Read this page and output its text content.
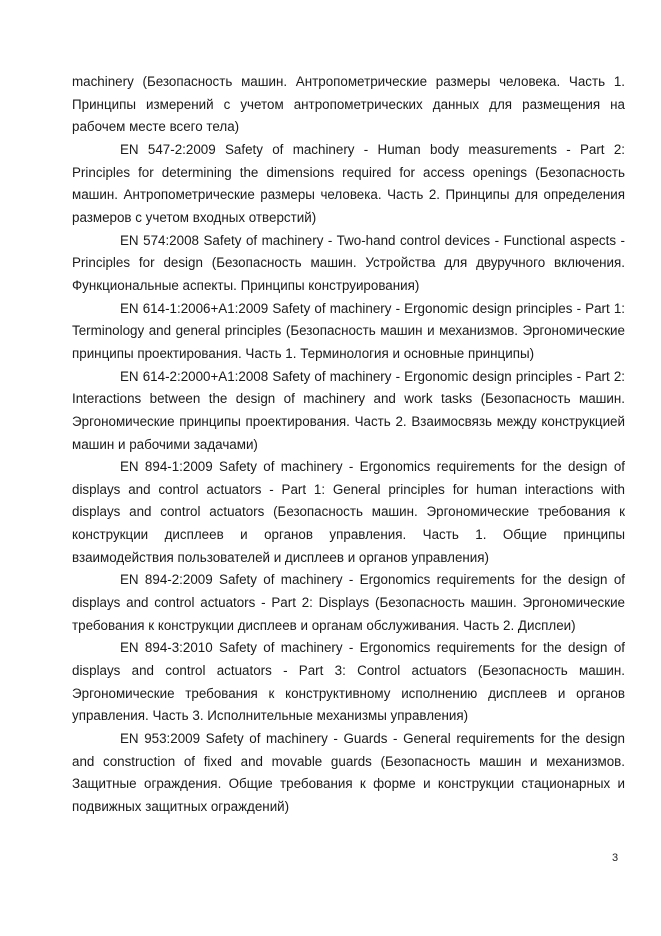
machinery (Безопасность машин. Антропометрические размеры человека. Часть 1. Принципы измерений с учетом антропометрических данных для размещения на рабочем месте всего тела)

EN 547-2:2009 Safety of machinery - Human body measurements - Part 2: Principles for determining the dimensions required for access openings (Безопасность машин. Антропометрические размеры человека. Часть 2. Принципы для определения размеров с учетом входных отверстий)

EN 574:2008 Safety of machinery - Two-hand control devices - Functional aspects - Principles for design (Безопасность машин. Устройства для двуручного включения. Функциональные аспекты. Принципы конструирования)

EN 614-1:2006+A1:2009 Safety of machinery - Ergonomic design principles - Part 1: Terminology and general principles (Безопасность машин и механизмов. Эргономические принципы проектирования. Часть 1. Терминология и основные принципы)

EN 614-2:2000+A1:2008 Safety of machinery - Ergonomic design principles - Part 2: Interactions between the design of machinery and work tasks (Безопасность машин. Эргономические принципы проектирования. Часть 2. Взаимосвязь между конструкцией машин и рабочими задачами)

EN 894-1:2009 Safety of machinery - Ergonomics requirements for the design of displays and control actuators - Part 1: General principles for human interactions with displays and control actuators (Безопасность машин. Эргономические требования к конструкции дисплеев и органов управления. Часть 1. Общие принципы взаимодействия пользователей и дисплеев и органов управления)

EN 894-2:2009 Safety of machinery - Ergonomics requirements for the design of displays and control actuators - Part 2: Displays (Безопасность машин. Эргономические требования к конструкции дисплеев и органам обслуживания. Часть 2. Дисплеи)

EN 894-3:2010 Safety of machinery - Ergonomics requirements for the design of displays and control actuators - Part 3: Control actuators (Безопасность машин. Эргономические требования к конструктивному исполнению дисплеев и органов управления. Часть 3. Исполнительные механизмы управления)

EN 953:2009 Safety of machinery - Guards - General requirements for the design and construction of fixed and movable guards (Безопасность машин и механизмов. Защитные ограждения. Общие требования к форме и конструкции стационарных и подвижных защитных ограждений)

3
